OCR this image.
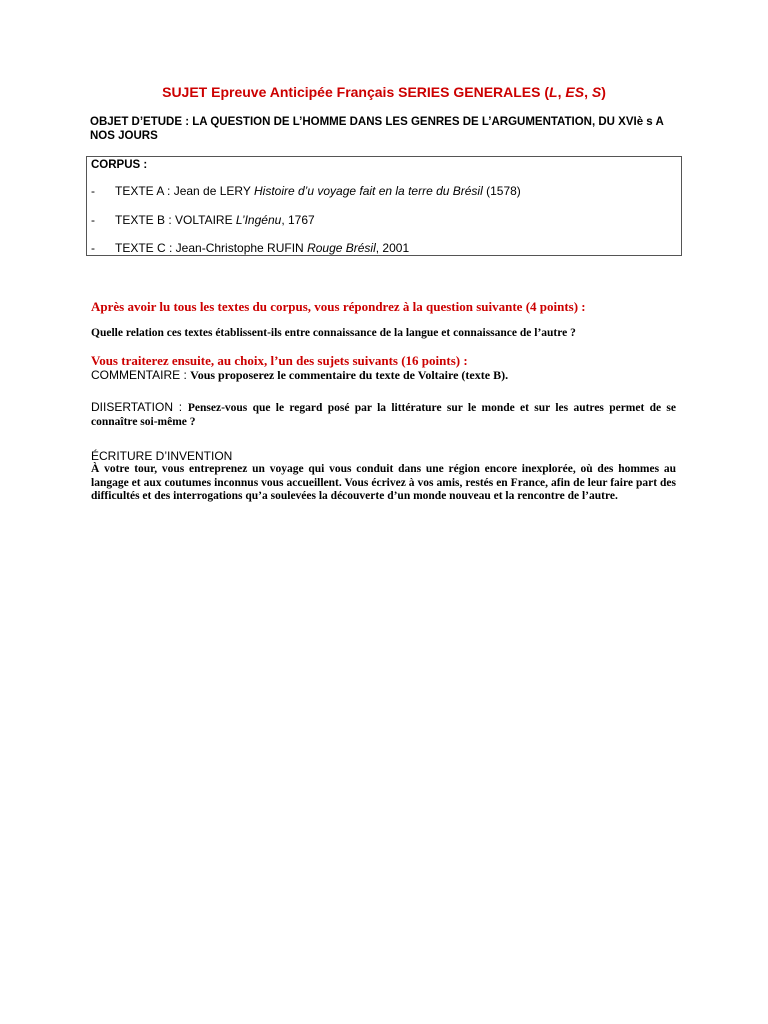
SUJET Epreuve Anticipée Français SERIES GENERALES (L, ES, S)
OBJET D’ETUDE : LA QUESTION DE L’HOMME DANS LES GENRES DE L’ARGUMENTATION, DU XVIè s A NOS JOURS
CORPUS :
- TEXTE A : Jean de LERY Histoire d’u voyage fait en la terre du Brésil (1578)
- TEXTE B : VOLTAIRE L’Ingénu, 1767
- TEXTE C : Jean-Christophe RUFIN Rouge Brésil, 2001
Après avoir lu tous les textes du corpus, vous répondrez à la question suivante (4 points) :
Quelle relation ces textes établissent-ils entre connaissance de la langue et connaissance de l’autre ?
Vous traiterez ensuite, au choix, l’un des sujets suivants (16 points) :
COMMENTAIRE : Vous proposerez le commentaire du texte de Voltaire (texte B).
DIISERTATION : Pensez-vous que le regard posé par la littérature sur le monde et sur les autres permet de se connaître soi-même ?
ÉCRITURE D’INVENTION
À votre tour, vous entreprenez un voyage qui vous conduit dans une région encore inexplorée, où des hommes au langage et aux coutumes inconnus vous accueillent. Vous écrivez à vos amis, restés en France, afin de leur faire part des difficultés et des interrogations qu’a soulevées la découverte d’un monde nouveau et la rencontre de l’autre.
